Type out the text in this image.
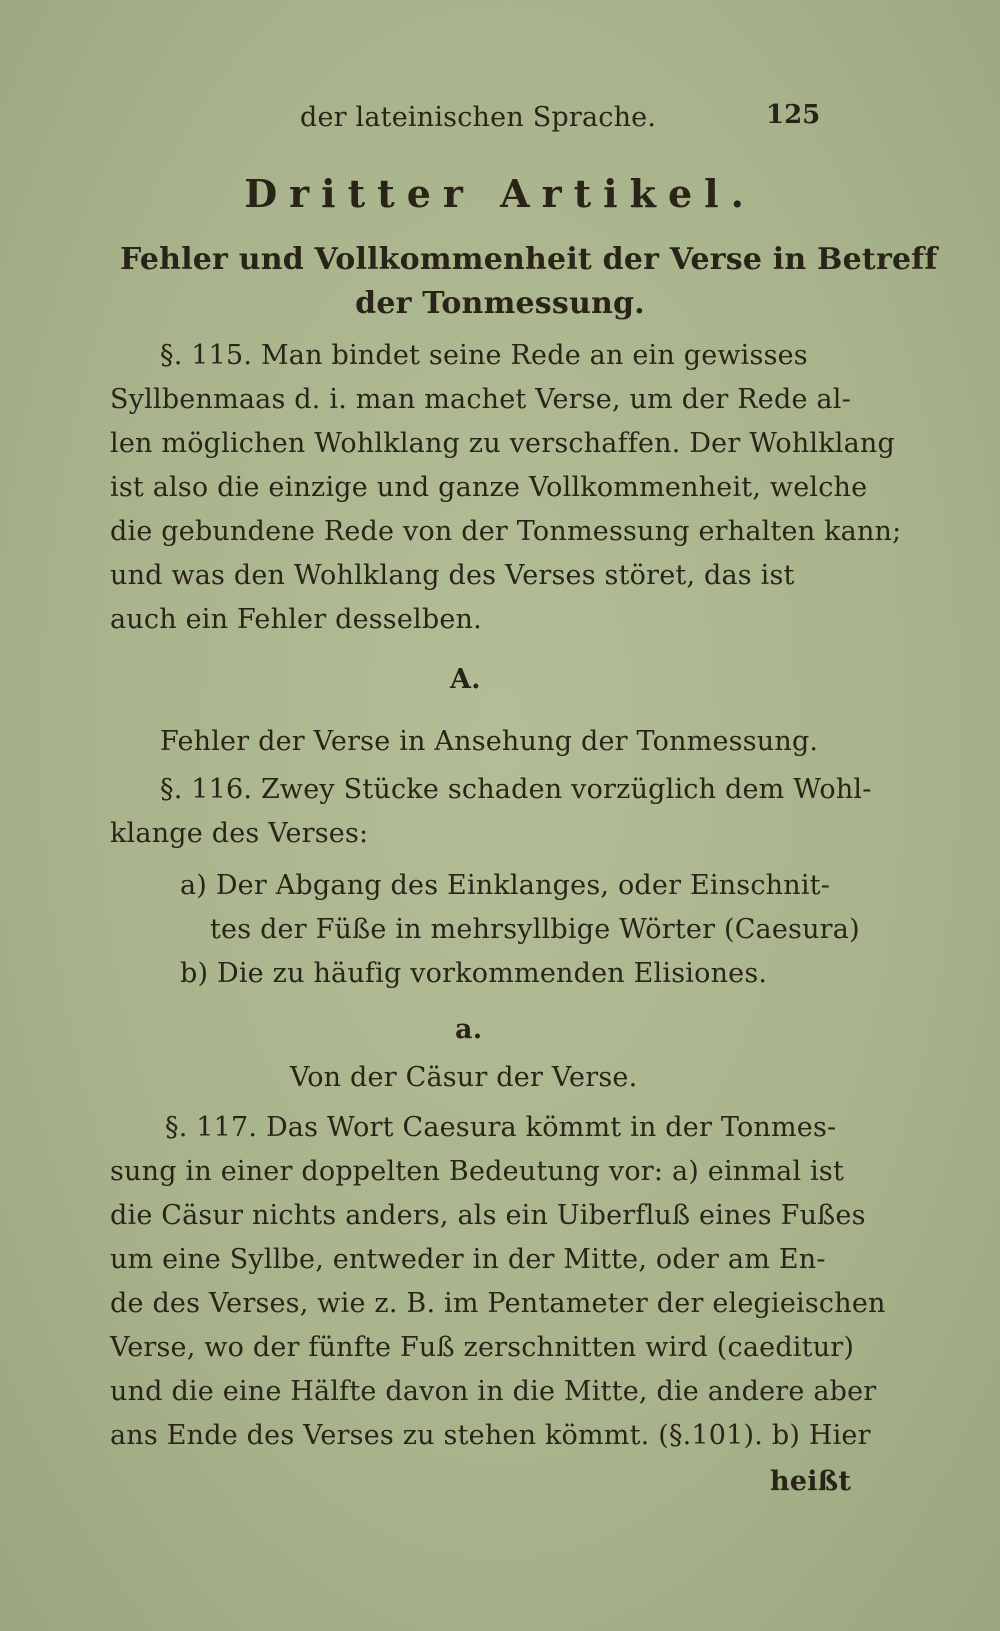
der lateinischen Sprache.	125
Dritter Artikel.
Fehler und Vollkommenheit der Verse in Betreff
der Tonmessung.
§. 115. Man bindet seine Rede an ein gewisses
Syllbenmaas d. i. man machet Verse, um der Rede al-
len möglichen Wohlklang zu verschaffen. Der Wohlklang
ist also die einzige und ganze Vollkommenheit, welche
die gebundene Rede von der Tonmessung erhalten kann;
und was den Wohlklang des Verses störet, das ist
auch ein Fehler desselben.
A.
Fehler der Verse in Ansehung der Tonmessung.
§. 116. Zwey Stücke schaden vorzüglich dem Wohl-
klange des Verses:
a) Der Abgang des Einklanges, oder Einschnit-
tes der Füße in mehrsyllbige Wörter (Caesura)
b) Die zu häufig vorkommenden Elisiones.
a.
Von der Cäsur der Verse.
§. 117. Das Wort Caesura kömmt in der Tonmes-
sung in einer doppelten Bedeutung vor: a) einmal ist
die Cäsur nichts anders, als ein Uiberfluß eines Fußes
um eine Syllbe, entweder in der Mitte, oder am En-
de des Verses, wie z. B. im Pentameter der elegieischen
Verse, wo der fünfte Fuß zerschnitten wird (caeditur)
und die eine Hälfte davon in die Mitte, die andere aber
ans Ende des Verses zu stehen kömmt. (§.101). b) Hier
heißt
